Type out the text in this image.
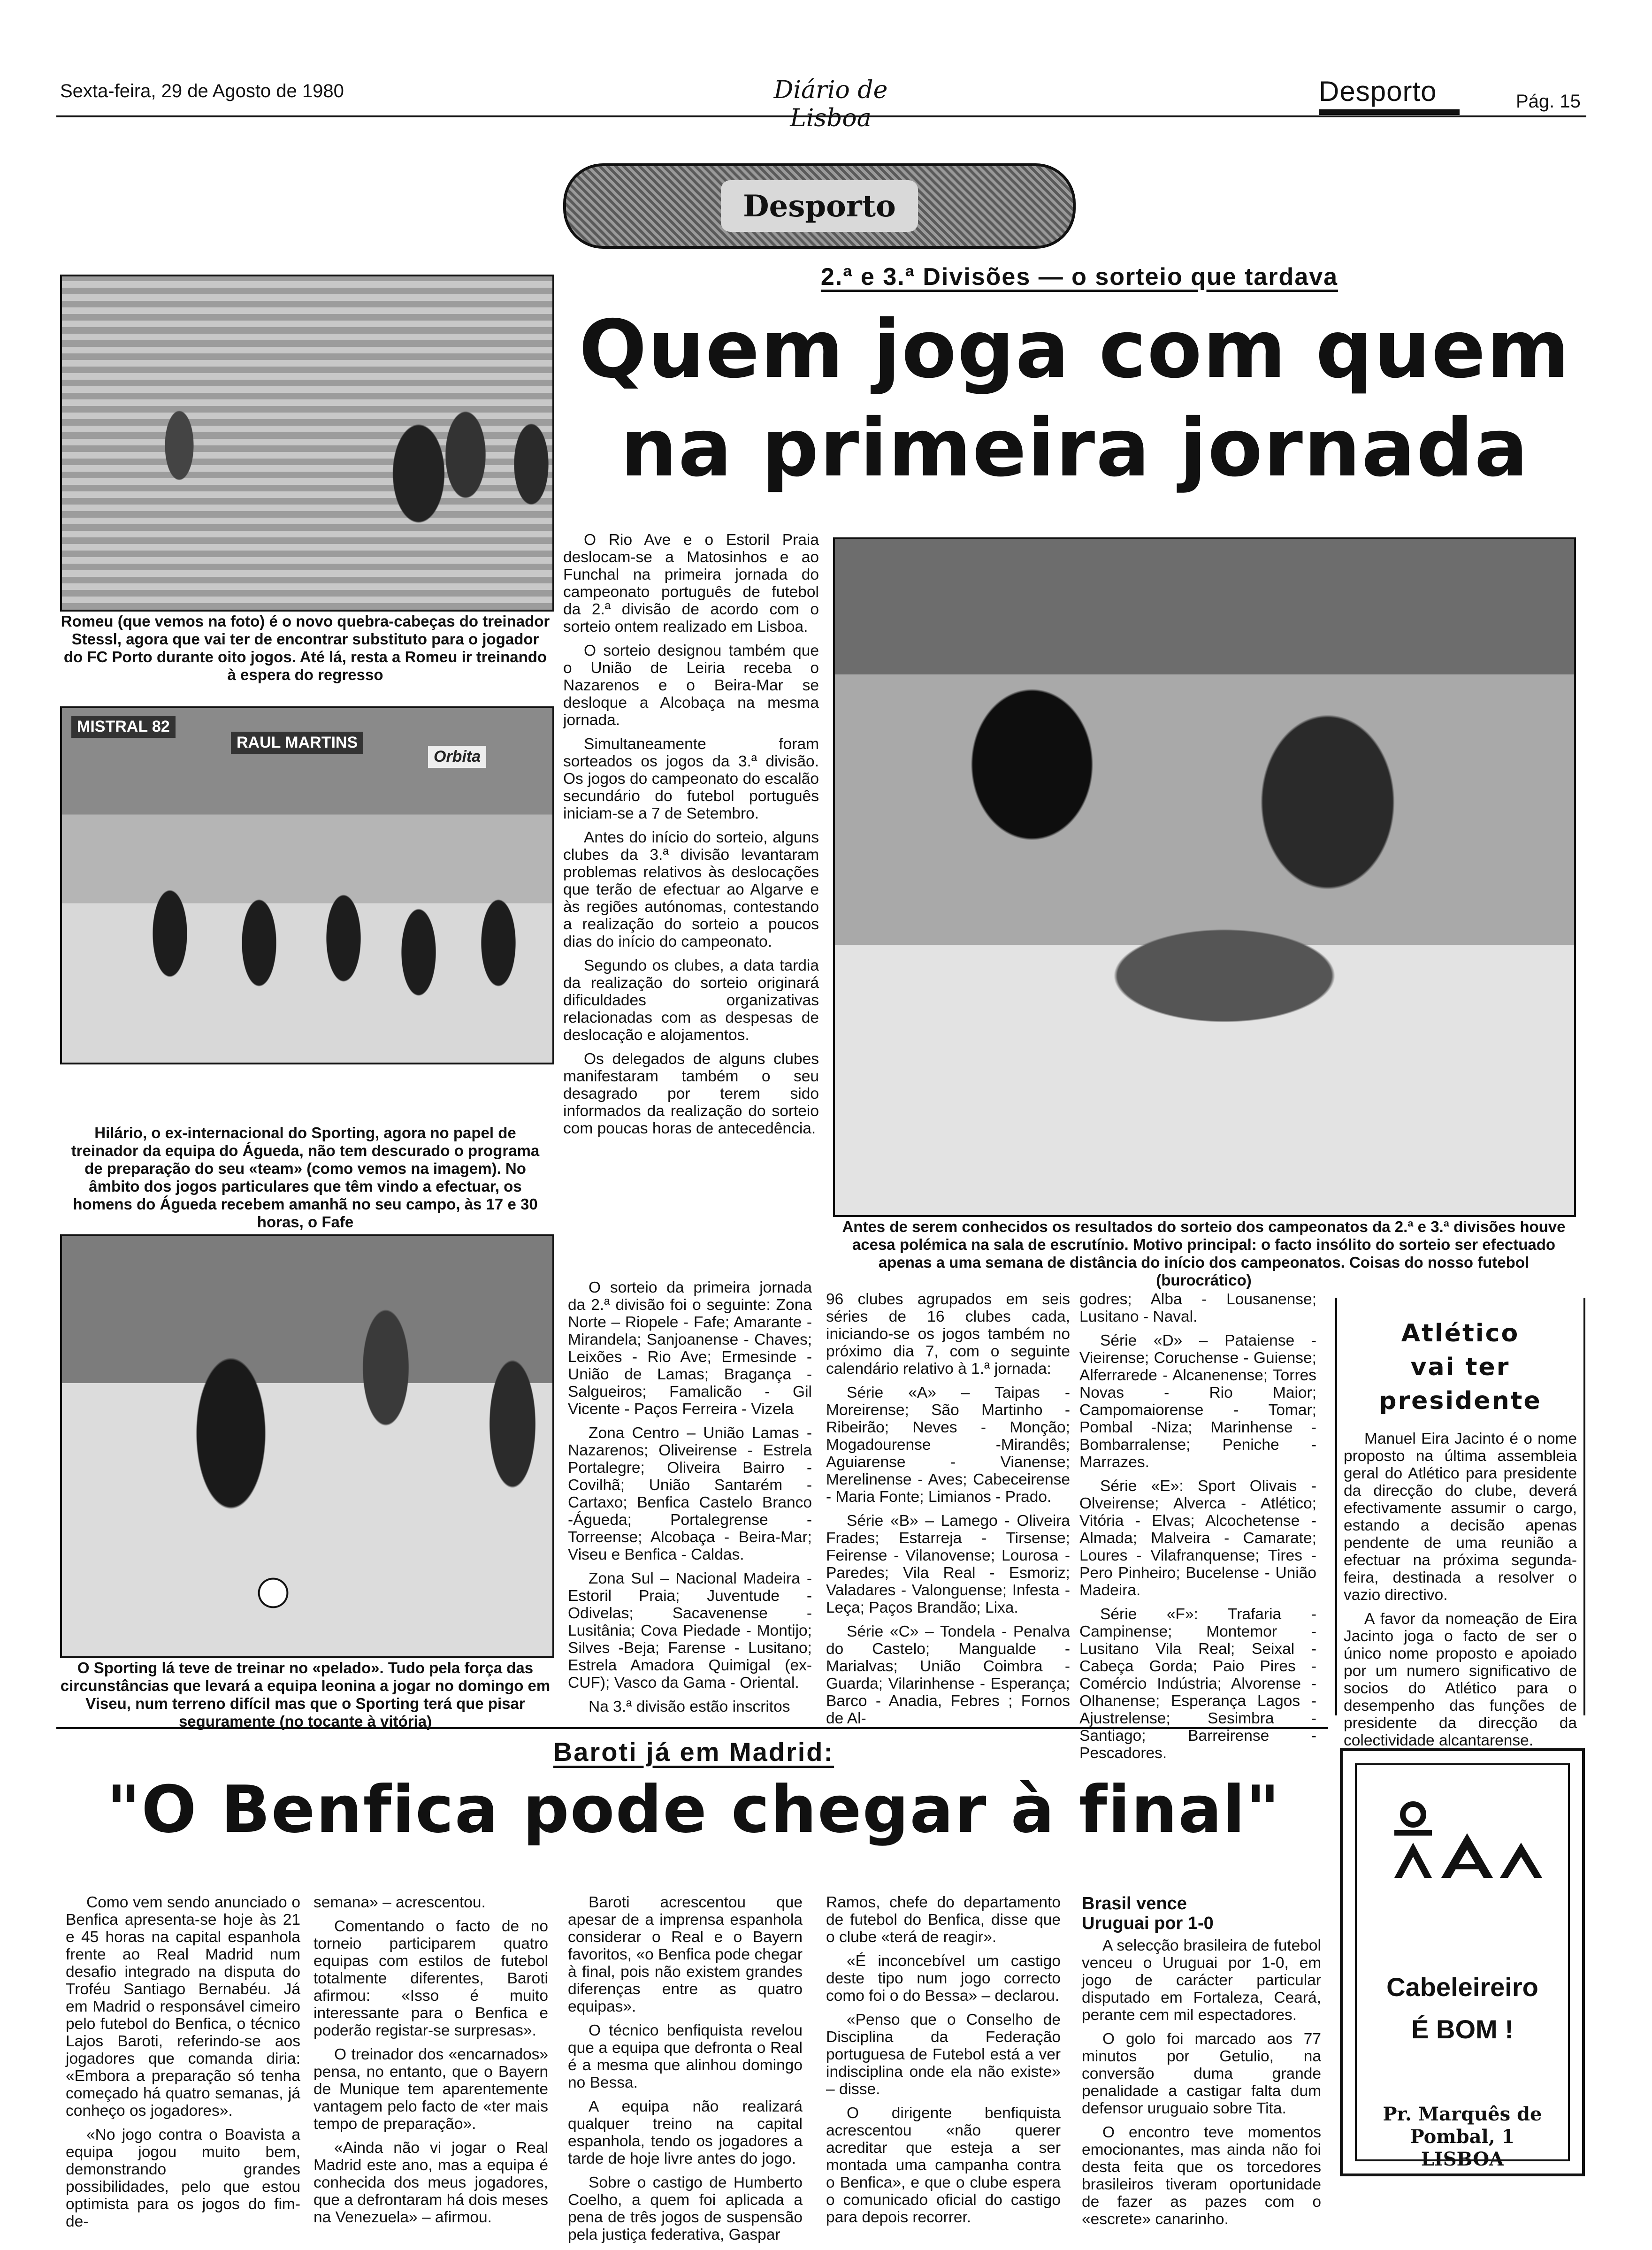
Sexta-feira, 29 de Agosto de 1980	Diário de Lisboa
Desporto	Pág. 15
Desporto
2.ª e 3.ª Divisões — o sorteio que tardava
Quem joga com quem
na primeira jornada
Romeu (que vemos na foto) é o novo quebra-cabeças do treinador Stessl, agora que vai ter de encontrar substituto para o jogador do FC Porto durante oito jogos. Até lá, resta a Romeu ir treinando à espera do regresso
MISTRAL 82
RAUL MARTINS
Orbita
Hilário, o ex-internacional do Sporting, agora no papel de treinador da equipa do Águeda, não tem descurado o programa de preparação do seu «team» (como vemos na imagem). No âmbito dos jogos particulares que têm vindo a efectuar, os homens do Águeda recebem amanhã no seu campo, às 17 e 30 horas, o Fafe
O Sporting lá teve de treinar no «pelado». Tudo pela força das circunstâncias que levará a equipa leonina a jogar no domingo em Viseu, num terreno difícil mas que o Sporting terá que pisar seguramente (no tocante à vitória)
Antes de serem conhecidos os resultados do sorteio dos campeonatos da 2.ª e 3.ª divisões houve acesa polémica na sala de escrutínio. Motivo principal: o facto insólito do sorteio ser efectuado apenas a uma semana de distância do início dos campeonatos. Coisas do nosso futebol (burocrático)

O Rio Ave e o Estoril Praia deslocam-se a Matosinhos e ao Funchal na primeira jornada do campeonato português de futebol da 2.ª divisão de acordo com o sorteio ontem realizado em Lisboa.

O sorteio designou também que o União de Leiria receba o Nazarenos e o Beira-Mar se desloque a Alcobaça na mesma jornada.

Simultaneamente foram sorteados os jogos da 3.ª divisão. Os jogos do campeonato do escalão secundário do futebol português iniciam-se a 7 de Setembro.

Antes do início do sorteio, alguns clubes da 3.ª divisão levantaram problemas relativos às deslocações que terão de efectuar ao Algarve e às regiões autónomas, contestando a realização do sorteio a poucos dias do início do campeonato.

Segundo os clubes, a data tardia da realização do sorteio originará dificuldades organizativas relacionadas com as despesas de deslocação e alojamentos.

Os delegados de alguns clubes manifestaram também o seu desagrado por terem sido informados da realização do sorteio com poucas horas de antecedência.

O sorteio da primeira jornada da 2.ª divisão foi o seguinte: Zona Norte – Riopele - Fafe; Amarante - Mirandela; Sanjoanense - Chaves; Leixões - Rio Ave; Ermesinde - União de Lamas; Bragança - Salgueiros; Famalicão - Gil Vicente - Paços Ferreira - Vizela

Zona Centro – União Lamas -Nazarenos; Oliveirense - Estrela Portalegre; Oliveira Bairro - Covilhã; União Santarém - Cartaxo; Benfica Castelo Branco -Águeda; Portalegrense - Torreense; Alcobaça - Beira-Mar; Viseu e Benfica - Caldas.

Zona Sul – Nacional Madeira -Estoril Praia; Juventude - Odivelas; Sacavenense - Lusitânia; Cova Piedade - Montijo; Silves -Beja; Farense - Lusitano; Estrela Amadora Quimigal (ex-CUF); Vasco da Gama - Oriental.

Na 3.ª divisão estão inscritos

96 clubes agrupados em seis séries de 16 clubes cada, iniciando-se os jogos também no próximo dia 7, com o seguinte calendário relativo à 1.ª jornada:

Série «A» – Taipas - Moreirense; São Martinho - Ribeirão; Neves - Monção; Mogadourense -Mirandês; Aguiarense - Vianense; Merelinense - Aves; Cabeceirense - Maria Fonte; Limianos - Prado.

Série «B» – Lamego - Oliveira Frades; Estarreja - Tirsense; Feirense - Vilanovense; Lourosa -Paredes; Vila Real - Esmoriz; Valadares - Valonguense; Infesta - Leça; Paços Brandão; Lixa.

Série «C» – Tondela - Penalva do Castelo; Mangualde - Marialvas; União Coimbra - Guarda; Vilarinhense - Esperança; Barco - Anadia, Febres ; Fornos de Al-

godres; Alba - Lousanense; Lusitano - Naval.

Série «D» – Pataiense - Vieirense; Coruchense - Guiense; Alferrarede - Alcanenense; Torres Novas - Rio Maior; Campomaiorense - Tomar; Pombal -Niza; Marinhense - Bombarralense; Peniche - Marrazes.

Série «E»: Sport Olivais - Olveirense; Alverca - Atlético; Vitória - Elvas; Alcochetense - Almada; Malveira - Camarate; Loures - Vilafranquense; Tires - Pero Pinheiro; Bucelense - União Madeira.

Série «F»: Trafaria - Campinense; Montemor - Lusitano Vila Real; Seixal - Cabeça Gorda; Paio Pires - Comércio Indústria; Alvorense - Olhanense; Esperança Lagos - Ajustrelense; Sesimbra - Santiago; Barreirense -Pescadores.

Atlético
vai ter
presidente

Manuel Eira Jacinto é o nome proposto na última assembleia geral do Atlético para presidente da direcção do clube, deverá efectivamente assumir o cargo, estando a decisão apenas pendente de uma reunião a efectuar na próxima segunda-feira, destinada a resolver o vazio directivo.

A favor da nomeação de Eira Jacinto joga o facto de ser o único nome proposto e apoiado por um numero significativo de socios do Atlético para o desempenho das funções de presidente da direcção da colectividade alcantarense.

Baroti já em Madrid:
"O Benfica pode chegar à final"

Como vem sendo anunciado o Benfica apresenta-se hoje às 21 e 45 horas na capital espanhola frente ao Real Madrid num desafio integrado na disputa do Troféu Santiago Bernabéu. Já em Madrid o responsável cimeiro pelo futebol do Benfica, o técnico Lajos Baroti, referindo-se aos jogadores que comanda diria: «Embora a preparação só tenha começado há quatro semanas, já conheço os jogadores».

«No jogo contra o Boavista a equipa jogou muito bem, demonstrando grandes possibilidades, pelo que estou optimista para os jogos do fim-de-

semana» – acrescentou.

Comentando o facto de no torneio participarem quatro equipas com estilos de futebol totalmente diferentes, Baroti afirmou: «Isso é muito interessante para o Benfica e poderão registar-se surpresas».

O treinador dos «encarnados» pensa, no entanto, que o Bayern de Munique tem aparentemente vantagem pelo facto de «ter mais tempo de preparação».

«Ainda não vi jogar o Real Madrid este ano, mas a equipa é conhecida dos meus jogadores, que a defrontaram há dois meses na Venezuela» – afirmou.

Baroti acrescentou que apesar de a imprensa espanhola considerar o Real e o Bayern favoritos, «o Benfica pode chegar à final, pois não existem grandes diferenças entre as quatro equipas».

O técnico benfiquista revelou que a equipa que defronta o Real é a mesma que alinhou domingo no Bessa.

A equipa não realizará qualquer treino na capital espanhola, tendo os jogadores a tarde de hoje livre antes do jogo.

Sobre o castigo de Humberto Coelho, a quem foi aplicada a pena de três jogos de suspensão pela justiça federativa, Gaspar

Ramos, chefe do departamento de futebol do Benfica, disse que o clube «terá de reagir».

«É inconcebível um castigo deste tipo num jogo correcto como foi o do Bessa» – declarou.

«Penso que o Conselho de Disciplina da Federação portuguesa de Futebol está a ver indisciplina onde ela não existe» – disse.

O dirigente benfiquista acrescentou «não querer acreditar que esteja a ser montada uma campanha contra o Benfica», e que o clube espera o comunicado oficial do castigo para depois recorrer.

Brasil vence
Uruguai por 1-0

A selecção brasileira de futebol venceu o Uruguai por 1-0, em jogo de carácter particular disputado em Fortaleza, Ceará, perante cem mil espectadores.

O golo foi marcado aos 77 minutos por Getulio, na conversão duma grande penalidade a castigar falta dum defensor uruguaio sobre Tita.

O encontro teve momentos emocionantes, mas ainda não foi desta feita que os torcedores brasileiros tiveram oportunidade de fazer as pazes com o «escrete» canarinho.

Cabeleireiro
É BOM !
Pr. Marquês de Pombal, 1
LISBOA
